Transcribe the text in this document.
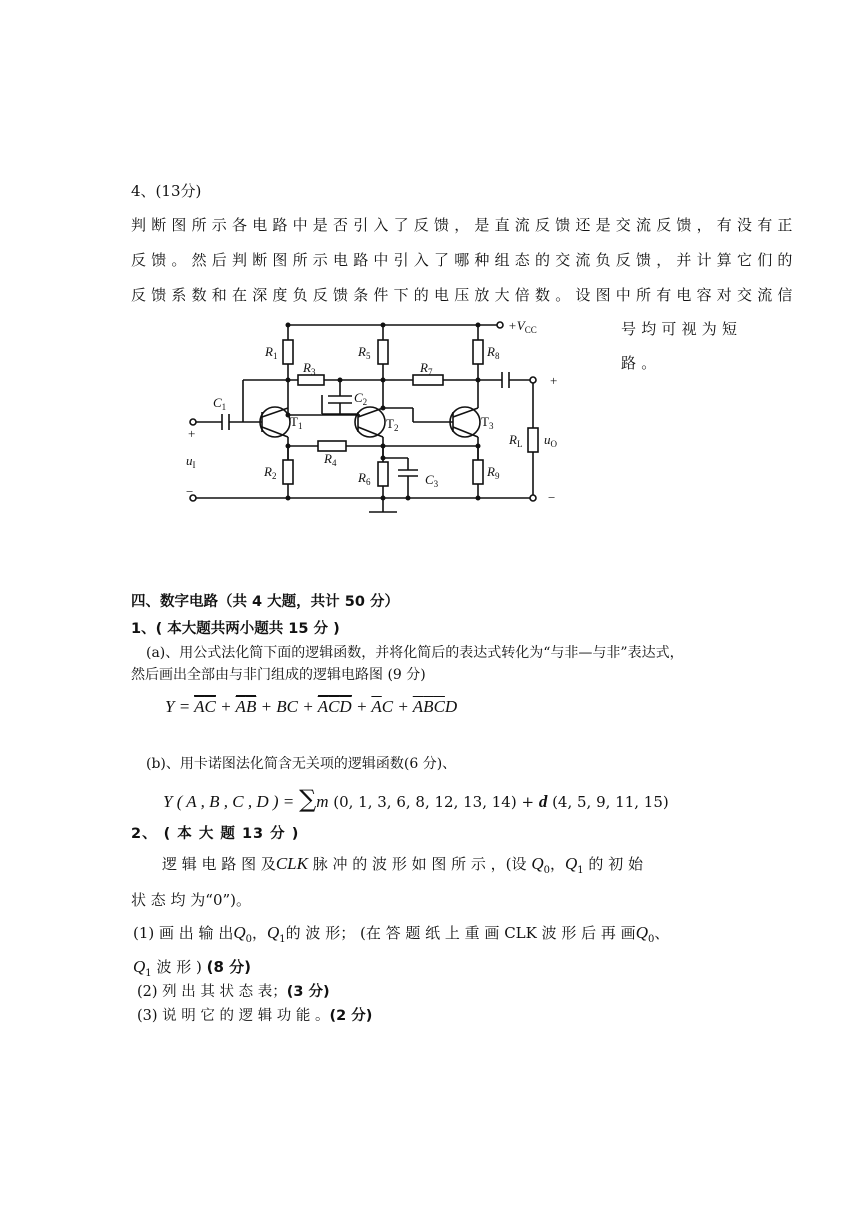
4、(13分)
判断图所示各电路中是否引入了反馈，是直流反馈还是交流反馈，有没有正
反馈。然后判断图所示电路中引入了哪种组态的交流负反馈，并计算它们的
反馈系数和在深度负反馈条件下的电压放大倍数。设图中所有电容对交流信
号均可视为短
路。
$+V_{CC}$
$R_1$
$R_3$
$R_5$
$R_7$
$R_8$
$C_1$
$C_2$
$T_1$	$T_2$	$T_3$
$R_4$
$R_2$	$R_6$	$C_3$
$R_9$
$R_L$ $u_O$
$u_I$
+
−
+
−
四、数字电路（共 4 大题，共计 50 分）
1、( 本大题共两小题共 15 分 )
(a)、用公式法化简下面的逻辑函数，并将化简后的表达式转化为“与非—与非”表达式，
然后画出全部由与非门组成的逻辑电路图 (9 分)
$Y = \overline{A}\overline{C} + \overline{A}\overline{B}$ + BC + $\overline{A}\overline{C}\overline{D} + \overline{A}C + \overline{A}\overline{B}\overline{C}D$
(b)、用卡诺图法化简含无关项的逻辑函数(6 分)、
Y ( A , B , C , D ) = ∑m (0, 1, 3, 6, 8, 12, 13, 14) + d (4, 5, 9, 11, 15)
2、 ( 本 大 题 13 分 )
逻 辑 电 路 图 及CLK 脉 冲 的 波 形 如 图 所 示 ，(设 $Q_0$，$Q_1$ 的 初 始
状 态 均 为“0”)。
(1) 画 出 输 出$Q_0$，$Q_1$的 波 形； (在 答 题 纸 上 重 画 CLK 波 形 后 再 画$Q_0$、
$Q_1$ 波 形 ) (8 分)
(2) 列 出 其 状 态 表；(3 分)
(3) 说 明 它 的 逻 辑 功 能 。(2 分)
